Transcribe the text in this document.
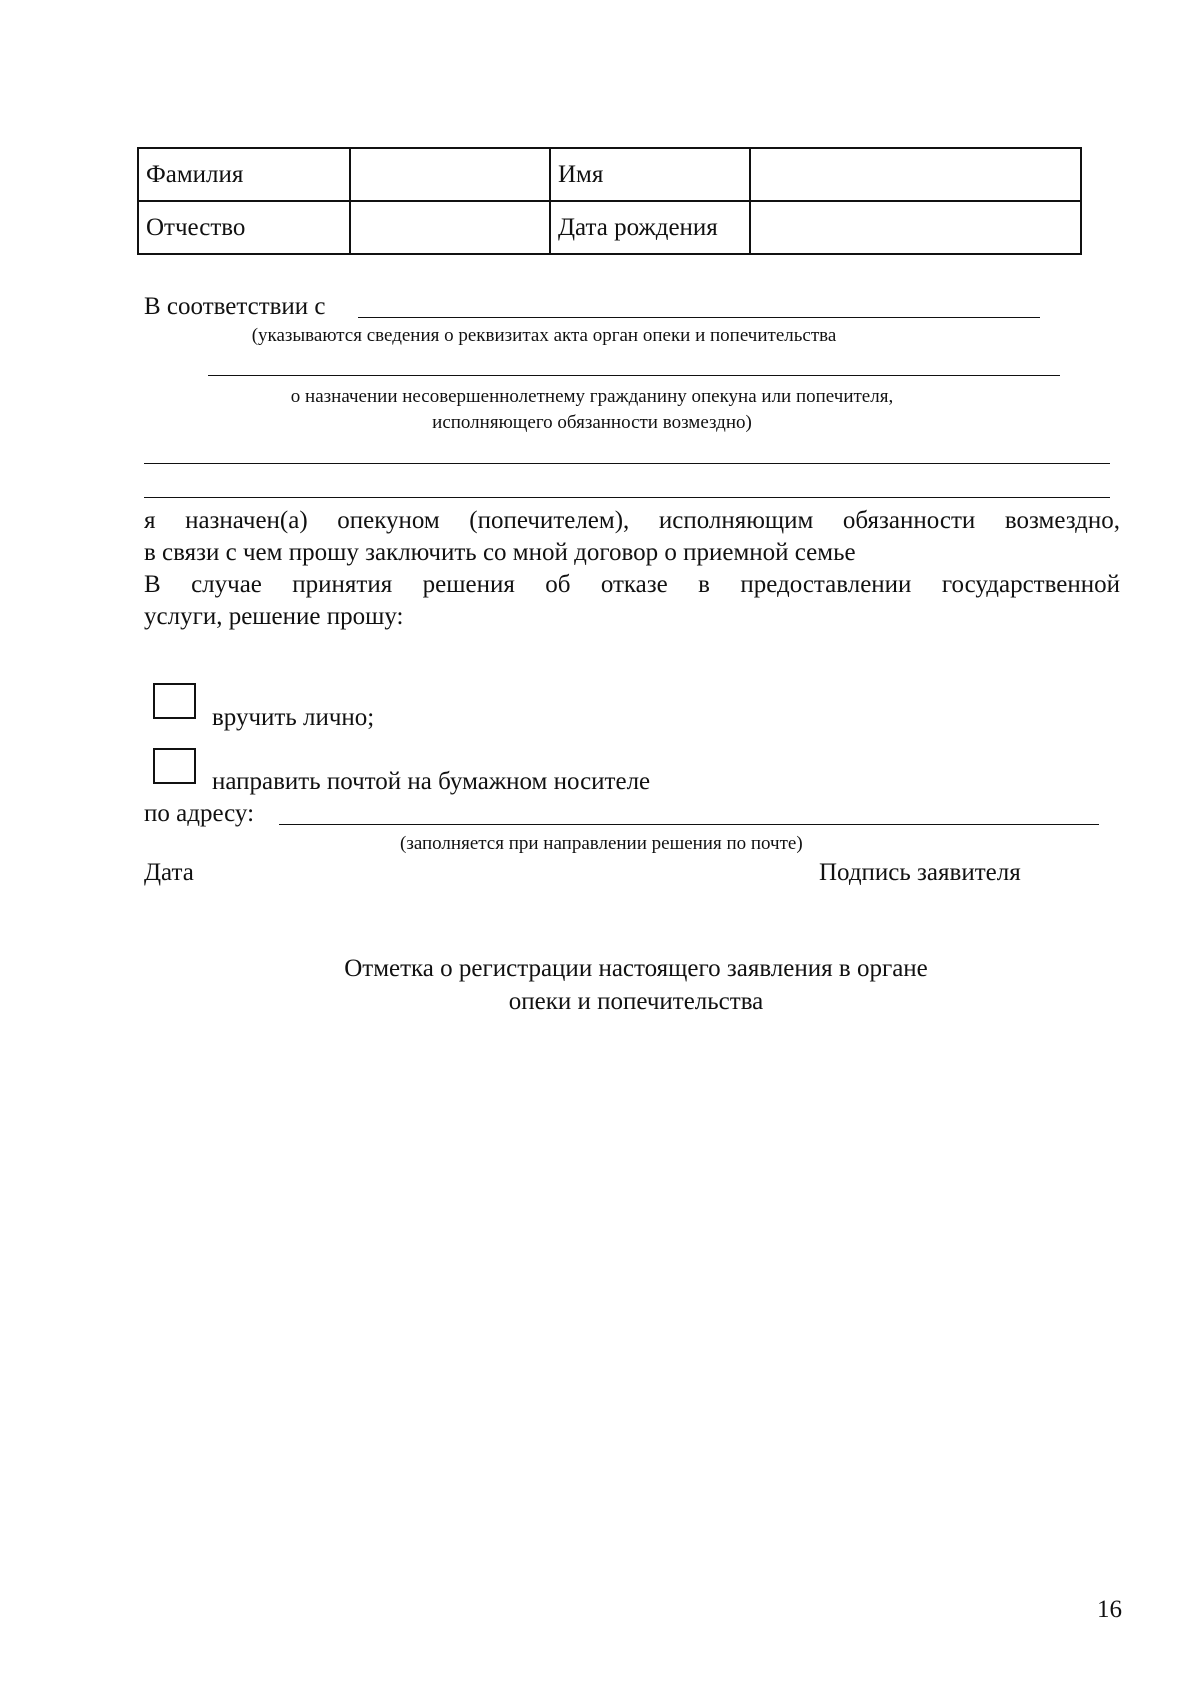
Фамилия		Имя	
Отчество		Дата рождения	
В соответствии с
(указываются сведения о реквизитах акта орган опеки и попечительства
о назначении несовершеннолетнему гражданину опекуна или попечителя,
исполняющего обязанности возмездно)
я назначен(а) опекуном (попечителем), исполняющим обязанности возмездно,
в связи с чем прошу заключить со мной договор о приемной семье
В случае принятия решения об отказе в предоставлении государственной
услуги, решение прошу:
вручить лично;
направить почтой на бумажном носителе
по адресу:
(заполняется при направлении решения по почте)
Дата	Подпись заявителя
Отметка о регистрации настоящего заявления в органе
опеки и попечительства
16
